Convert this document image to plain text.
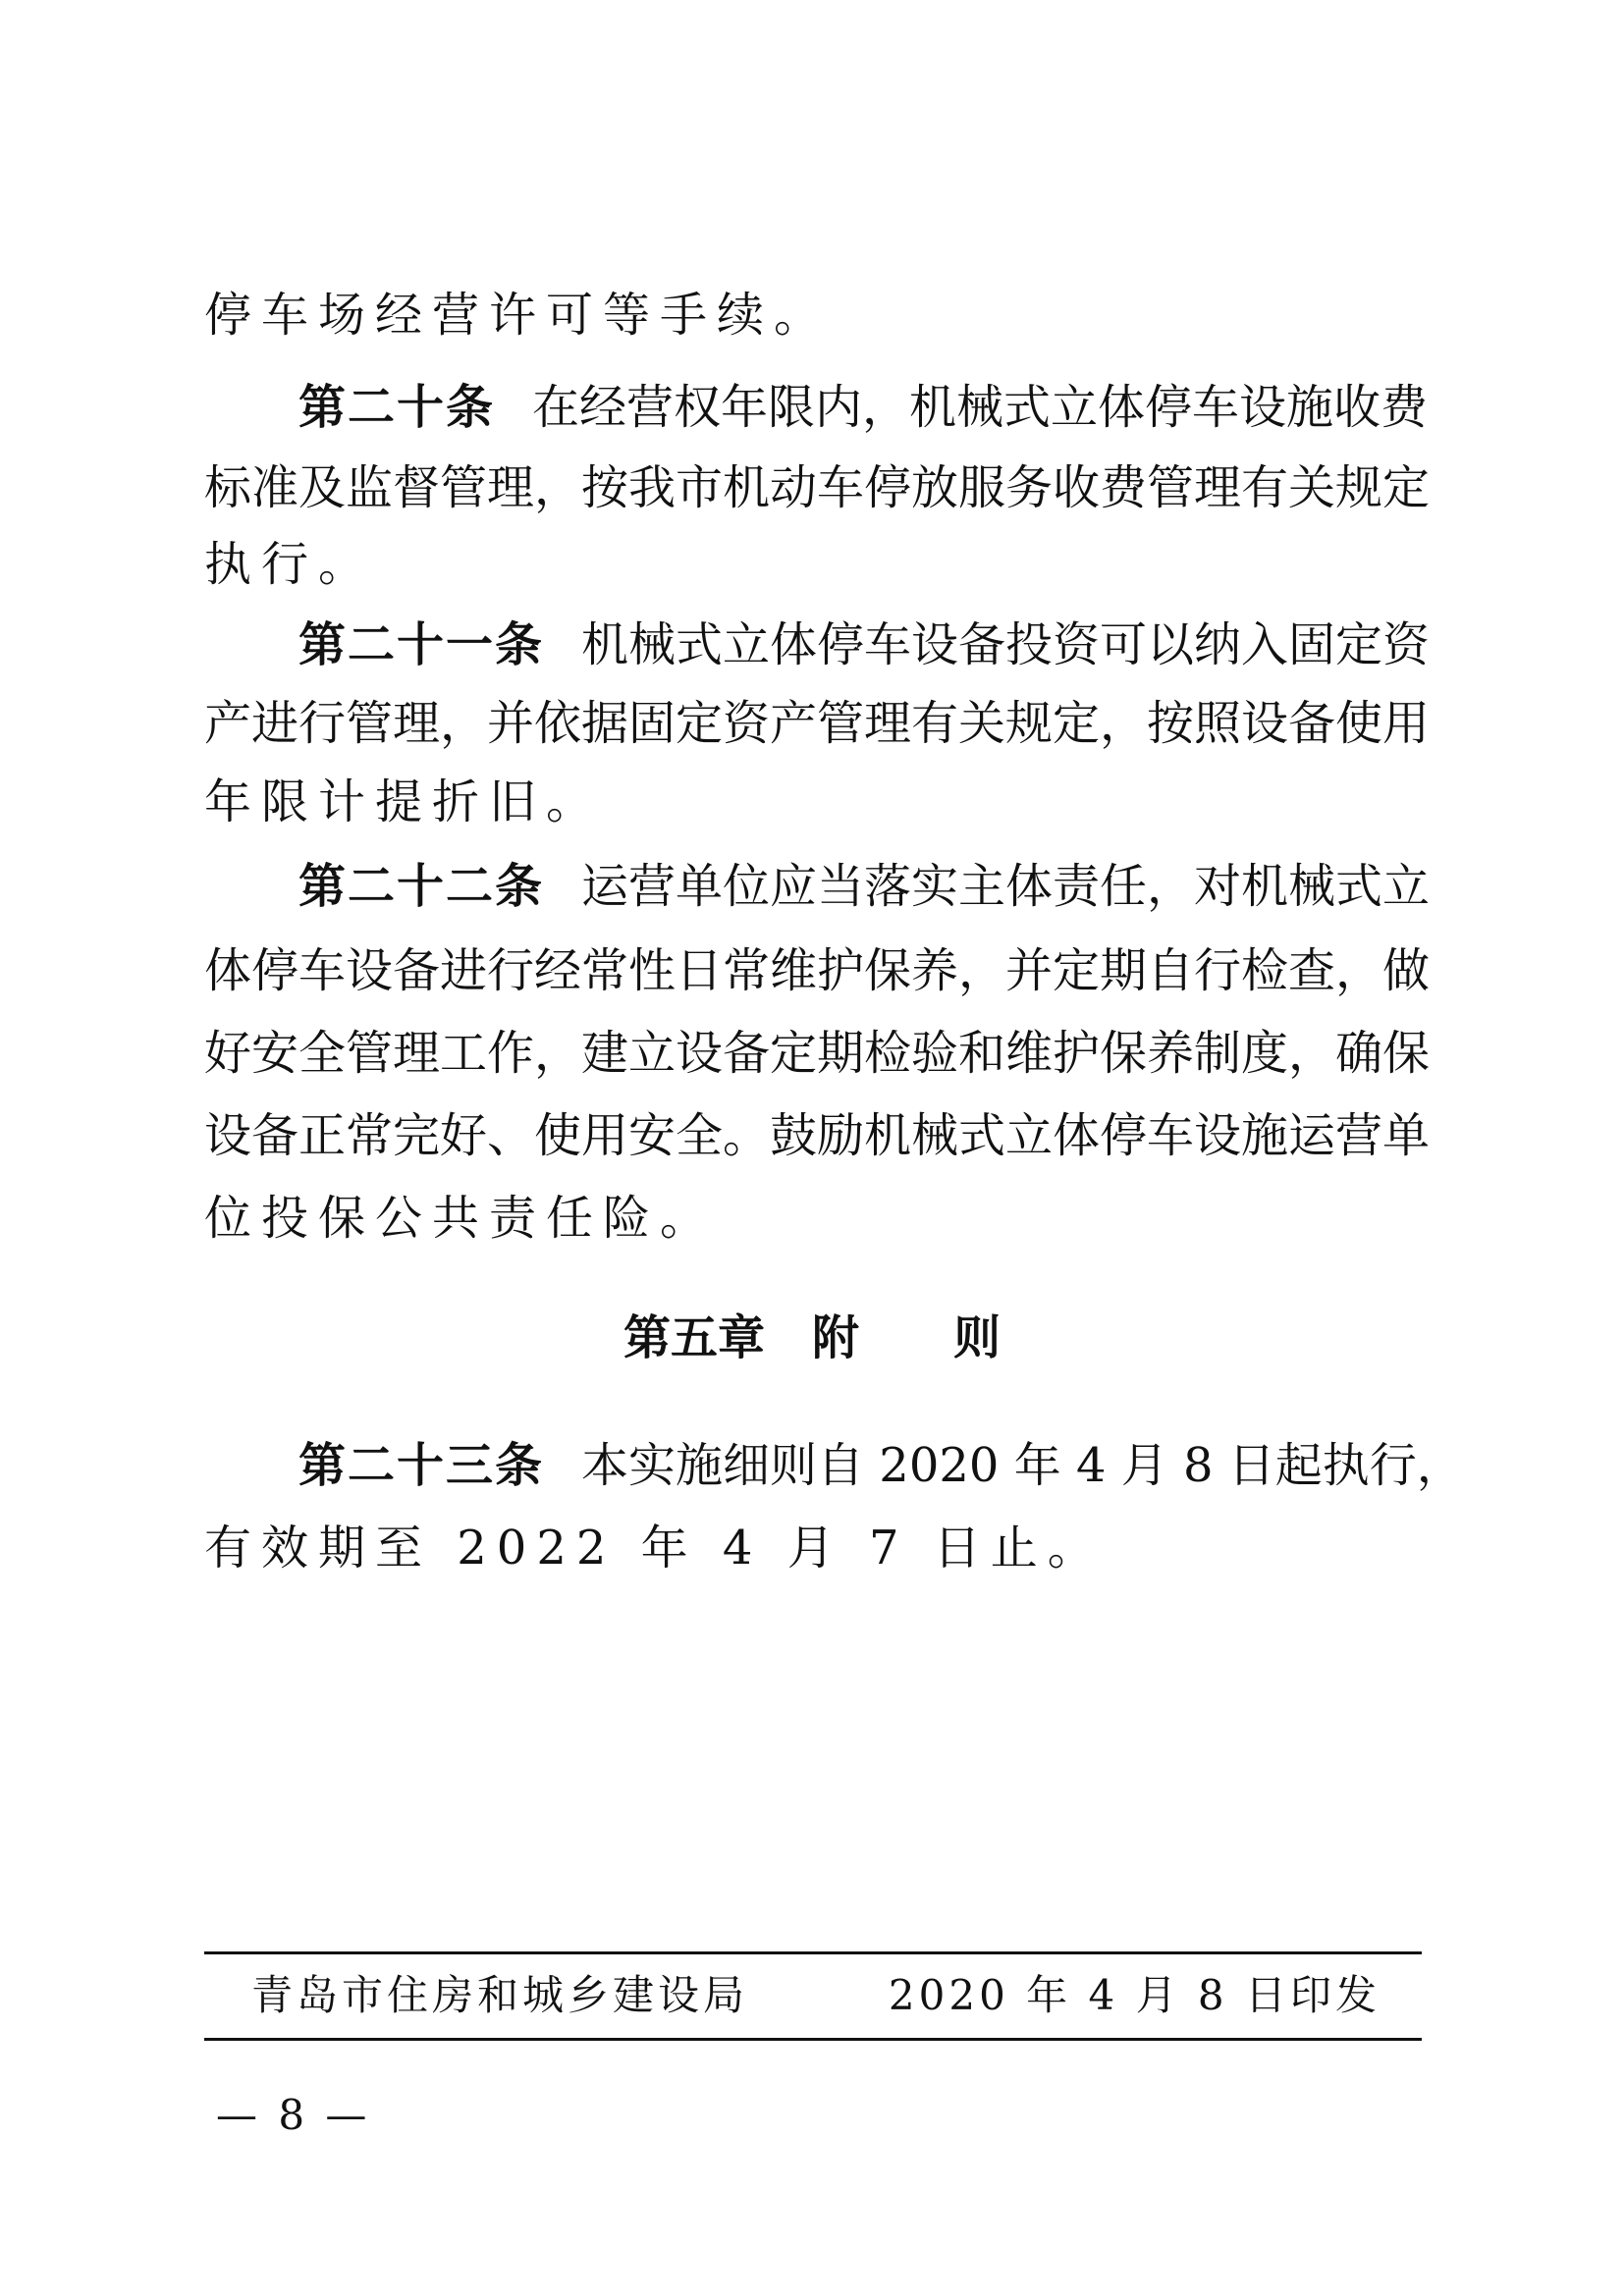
停车场经营许可等手续。
第二十条 在经营权年限内，机械式立体停车设施收费
标准及监督管理，按我市机动车停放服务收费管理有关规定
执行。
第二十一条 机械式立体停车设备投资可以纳入固定资
产进行管理，并依据固定资产管理有关规定，按照设备使用
年限计提折旧。
第二十二条 运营单位应当落实主体责任，对机械式立
体停车设备进行经常性日常维护保养，并定期自行检查，做
好安全管理工作，建立设备定期检验和维护保养制度，确保
设备正常完好、使用安全。鼓励机械式立体停车设施运营单
位投保公共责任险。
第五章 附 则
第二十三条 本实施细则自 2020 年 4 月 8 日起执行，
有效期至 2022 年 4 月 7 日止。
青岛市住房和城乡建设局	2020 年 4 月 8 日印发
— 8 —
